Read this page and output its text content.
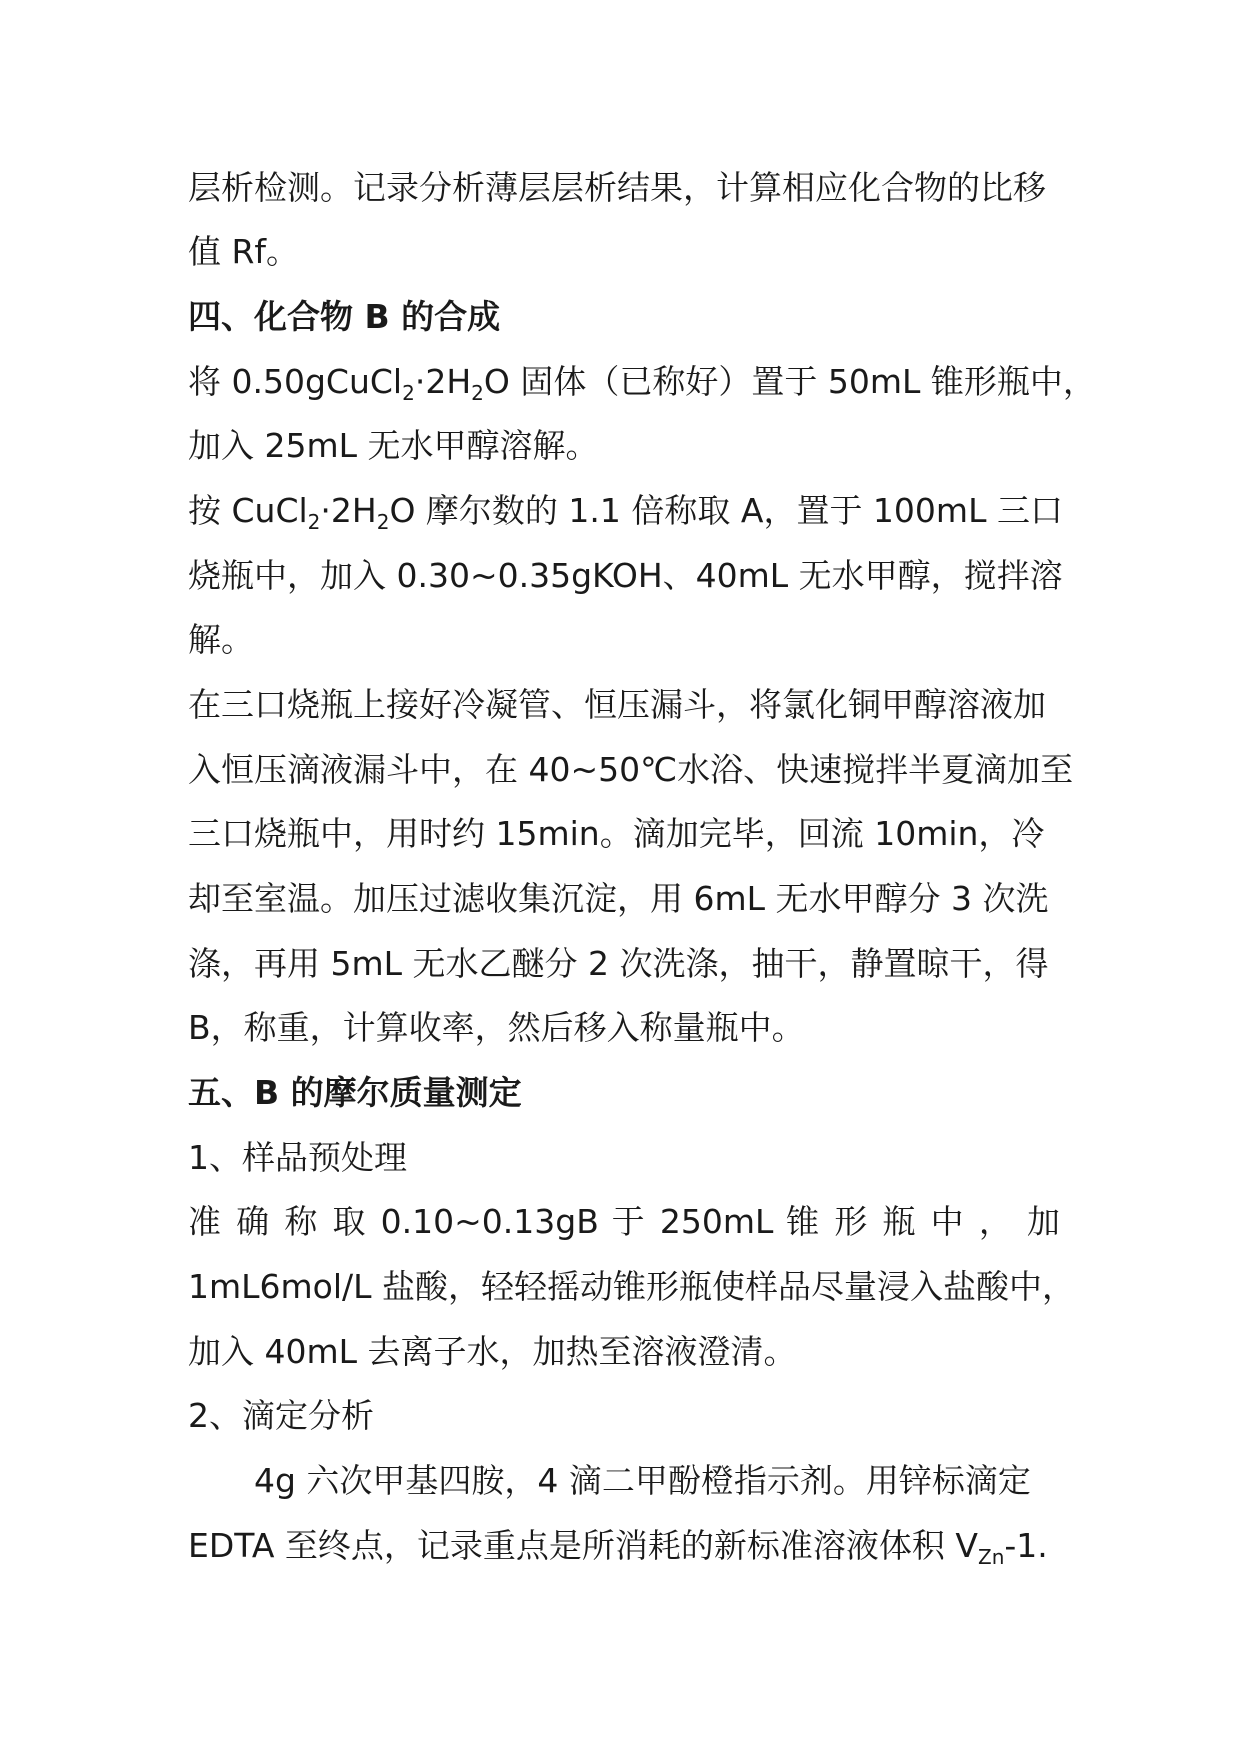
层析检测。记录分析薄层层析结果，计算相应化合物的比移
值 Rf。
四、化合物 B 的合成
将 $0.50gCuCl_2\cdot 2H_2O$ 固体（已称好）置于 50mL 锥形瓶中，
加入 25mL 无水甲醇溶解。
按 $CuCl_2\cdot 2H_2O$ 摩尔数的 1.1 倍称取 A，置于 100mL 三口
烧瓶中，加入 0.30~0.35gKOH、40mL 无水甲醇，搅拌溶
解。
在三口烧瓶上接好冷凝管、恒压漏斗，将氯化铜甲醇溶液加
入恒压滴液漏斗中，在 40~50℃水浴、快速搅拌半夏滴加至
三口烧瓶中，用时约 15min。滴加完毕，回流 10min，冷
却至室温。加压过滤收集沉淀，用 6mL 无水甲醇分 3 次洗
涤，再用 5mL 无水乙醚分 2 次洗涤，抽干，静置晾干，得
B，称重，计算收率，然后移入称量瓶中。
五、B 的摩尔质量测定
1、样品预处理
准 确 称 取 0.10~0.13gB 于 250mL 锥 形 瓶 中 ， 加
1mL6mol/L 盐酸，轻轻摇动锥形瓶使样品尽量浸入盐酸中，
加入 40mL 去离子水，加热至溶液澄清。
2、滴定分析
4g 六次甲基四胺，4 滴二甲酚橙指示剂。用锌标滴定
EDTA 至终点，记录重点是所消耗的新标准溶液体积 $V_{Zn}-1$.
